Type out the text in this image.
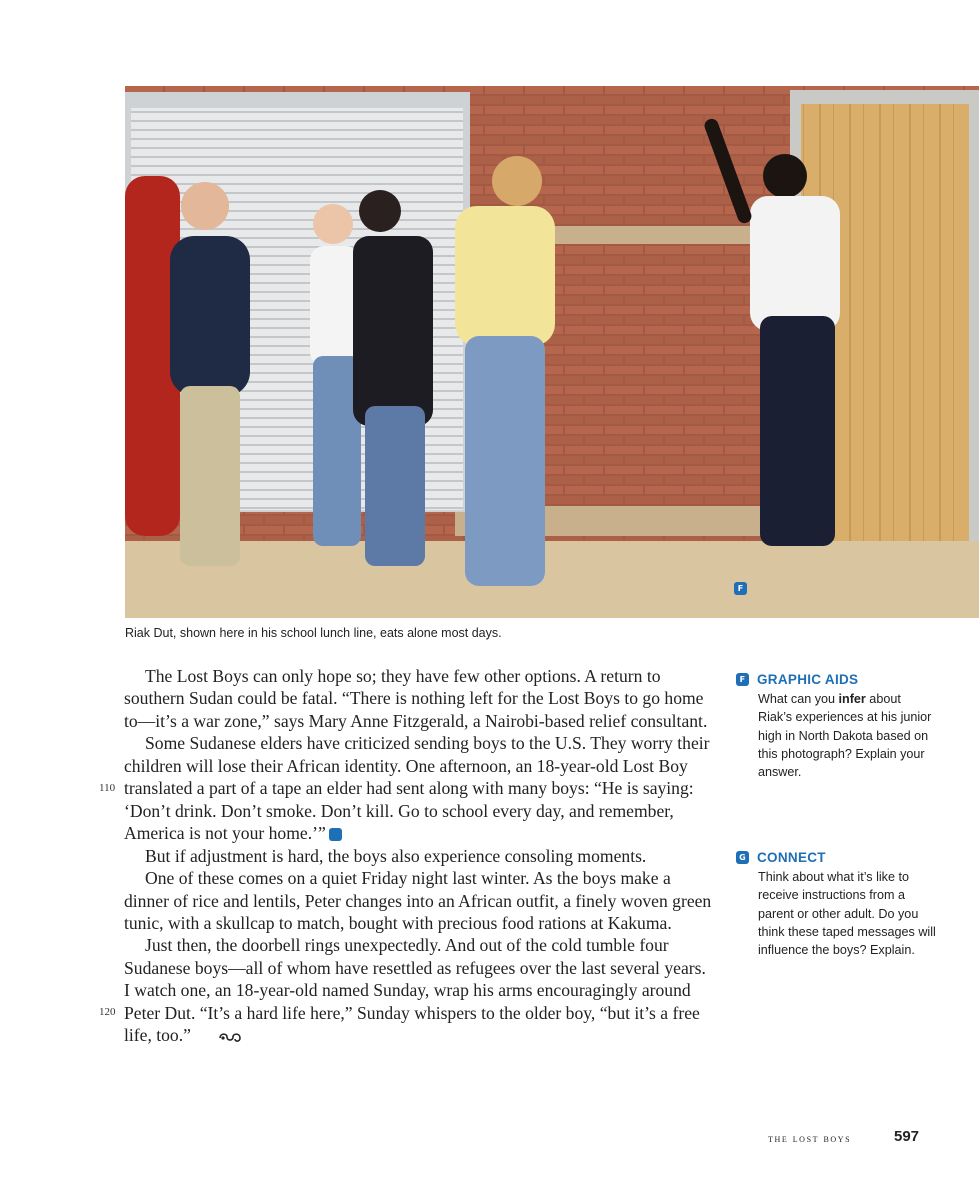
F
Riak Dut, shown here in his school lunch line, eats alone most days.

The Lost Boys can only hope so; they have few other options. A return to southern Sudan could be fatal. “There is nothing left for the Lost Boys to go home to—it’s a war zone,” says Mary Anne Fitzgerald, a Nairobi-based relief consultant.

Some Sudanese elders have criticized sending boys to the U.S. They worry their children will lose their African identity. One afternoon, an 18-year-old Lost Boy translated a part of a tape an elder had sent along with many boys: “He is saying: ‘Don’t drink. Don’t smoke. Don’t kill. Go to school every day, and remember, America is not your home.’”	G

But if adjustment is hard, the boys also experience consoling moments.

One of these comes on a quiet Friday night last winter. As the boys make a dinner of rice and lentils, Peter changes into an African outfit, a finely woven green tunic, with a skullcap to match, bought with precious food rations at Kakuma.

Just then, the doorbell rings unexpectedly. And out of the cold tumble four Sudanese boys—all of whom have resettled as refugees over the last several years. I watch one, an 18-year-old named Sunday, wrap his arms encouragingly around Peter Dut. “It’s a hard life here,” Sunday whispers to the older boy, “but it’s a free life, too.”

110
120
F GRAPHIC AIDS
What can you infer about Riak’s experiences at his junior high in North Dakota based on this photograph? Explain your answer.
G CONNECT
Think about what it’s like to receive instructions from a parent or other adult. Do you think these taped messages will influence the boys? Explain.
the lost boys	597
